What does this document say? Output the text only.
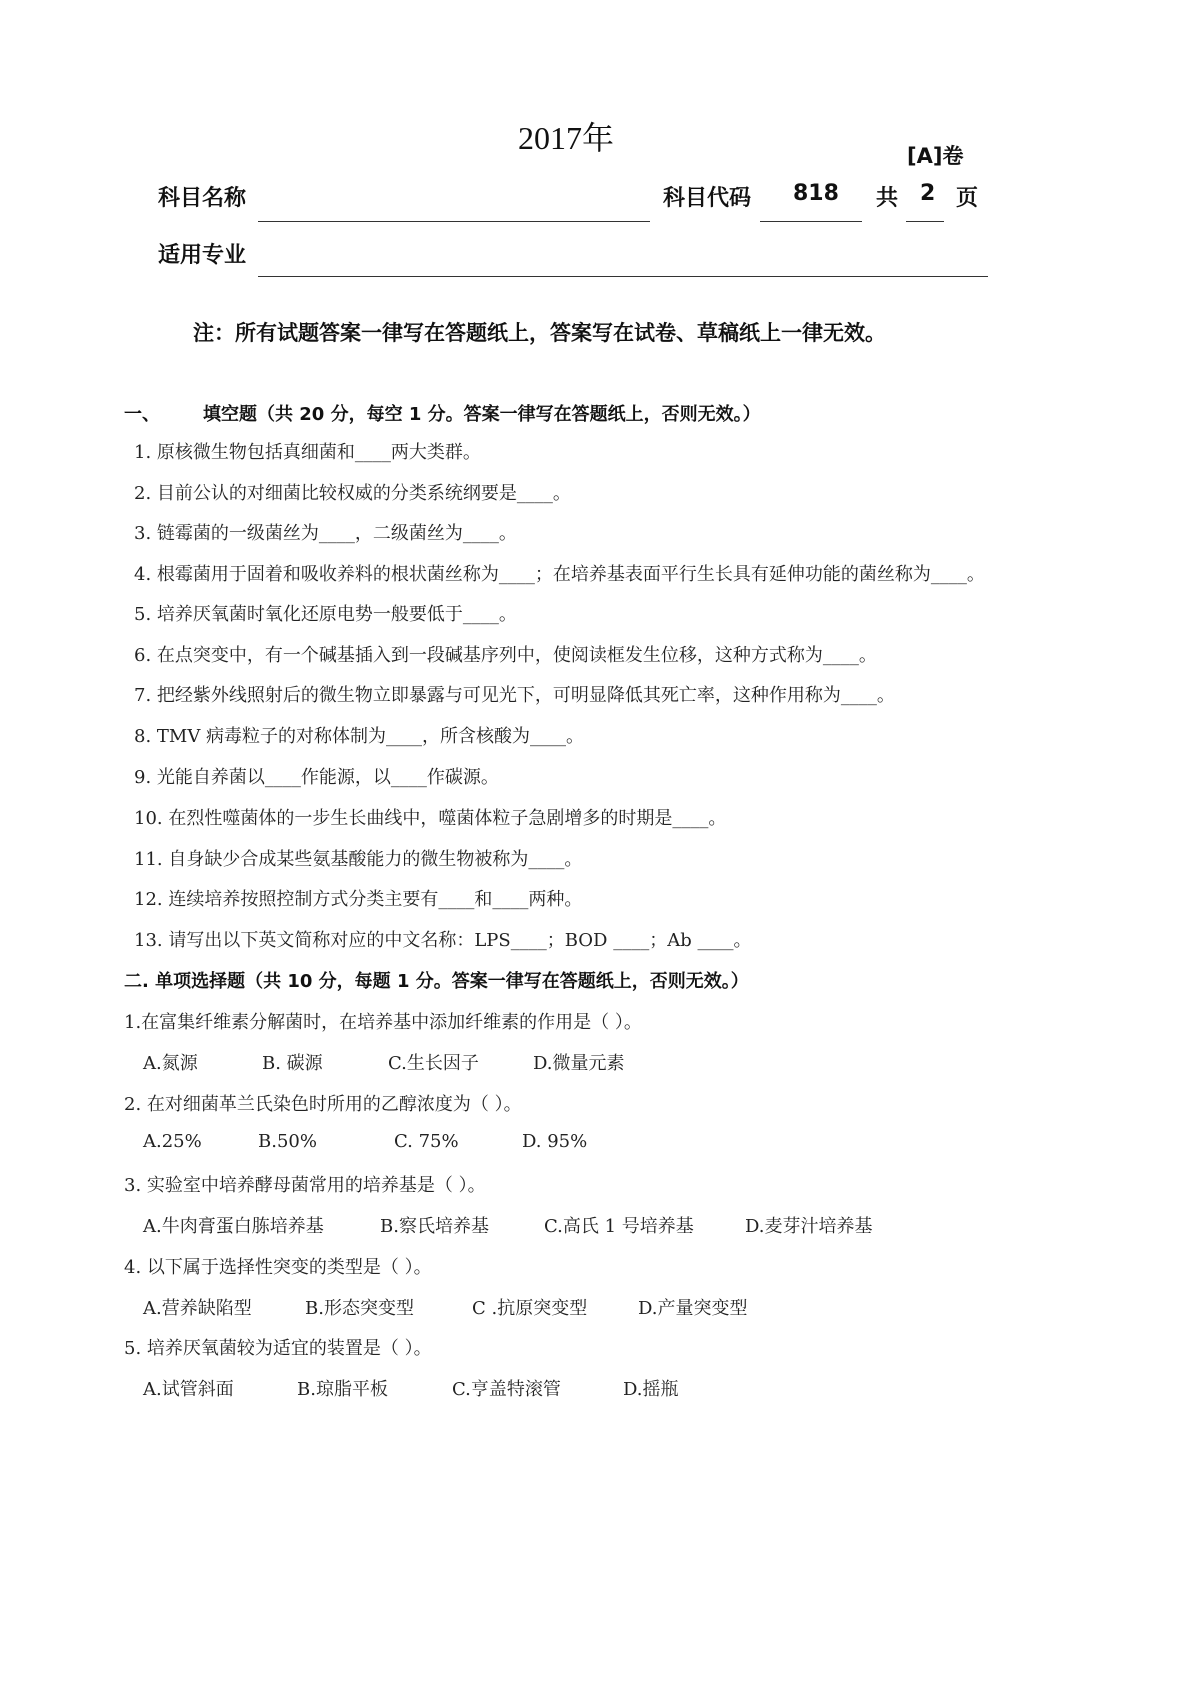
2017年	[A]卷
科目名称	科目代码 818 共 2 页
适用专业
注：所有试题答案一律写在答题纸上，答案写在试卷、草稿纸上一律无效。
一、 填空题（共 20 分，每空 1 分。答案一律写在答题纸上，否则无效。）
1. 原核微生物包括真细菌和____两大类群。
2. 目前公认的对细菌比较权威的分类系统纲要是____。
3. 链霉菌的一级菌丝为____，二级菌丝为____。
4. 根霉菌用于固着和吸收养料的根状菌丝称为____；在培养基表面平行生长具有延伸功能的菌丝称为____。
5. 培养厌氧菌时氧化还原电势一般要低于____。
6. 在点突变中，有一个碱基插入到一段碱基序列中，使阅读框发生位移，这种方式称为____。
7. 把经紫外线照射后的微生物立即暴露与可见光下，可明显降低其死亡率，这种作用称为____。
8. TMV 病毒粒子的对称体制为____，所含核酸为____。
9. 光能自养菌以____作能源，以____作碳源。
10. 在烈性噬菌体的一步生长曲线中，噬菌体粒子急剧增多的时期是____。
11. 自身缺少合成某些氨基酸能力的微生物被称为____。
12. 连续培养按照控制方式分类主要有____和____两种。
13. 请写出以下英文简称对应的中文名称：LPS____；BOD ____；Ab ____。
二. 单项选择题（共 10 分，每题 1 分。答案一律写在答题纸上，否则无效。）
1.在富集纤维素分解菌时，在培养基中添加纤维素的作用是（ ）。
A.氮源	B. 碳源	C.生长因子	D.微量元素
2. 在对细菌革兰氏染色时所用的乙醇浓度为（ ）。
A.25%	B.50%	C. 75%	D. 95%
3. 实验室中培养酵母菌常用的培养基是（ ）。
A.牛肉膏蛋白胨培养基	B.察氏培养基	C.高氏 1 号培养基	D.麦芽汁培养基
4. 以下属于选择性突变的类型是（ ）。
A.营养缺陷型	B.形态突变型	C .抗原突变型	D.产量突变型
5. 培养厌氧菌较为适宜的装置是（ ）。
A.试管斜面	B.琼脂平板	C.亨盖特滚管	D.摇瓶
